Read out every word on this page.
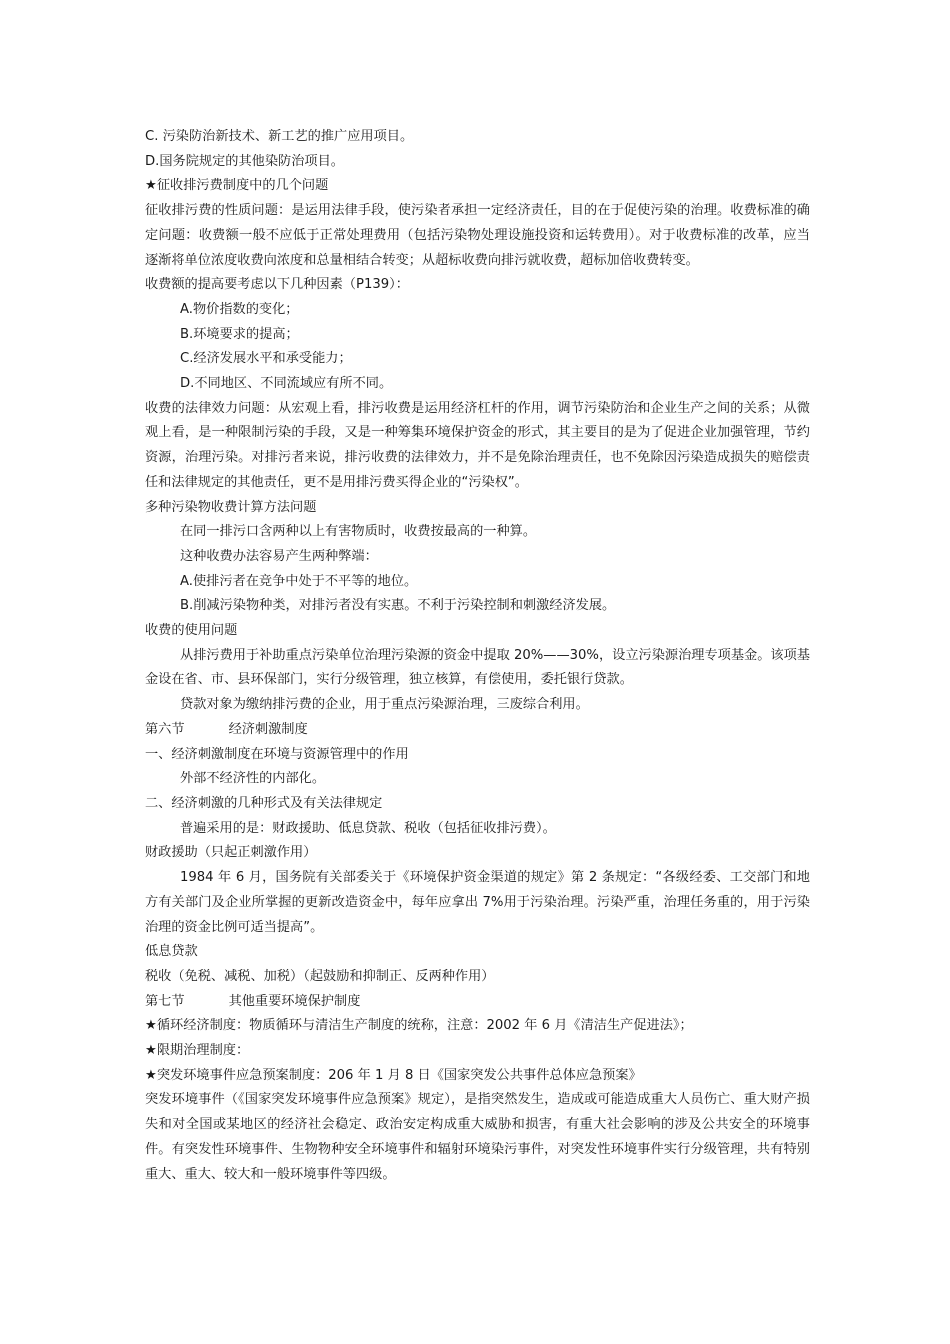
C. 污染防治新技术、新工艺的推广应用项目。

D.国务院规定的其他染防治项目。

★征收排污费制度中的几个问题

征收排污费的性质问题：是运用法律手段，使污染者承担一定经济责任，目的在于促使污染的治理。收费标准的确定问题：收费额一般不应低于正常处理费用（包括污染物处理设施投资和运转费用）。对于收费标准的改革，应当逐渐将单位浓度收费向浓度和总量相结合转变；从超标收费向排污就收费，超标加倍收费转变。

收费额的提高要考虑以下几种因素（P139）：

A.物价指数的变化；

B.环境要求的提高；

C.经济发展水平和承受能力；

D.不同地区、不同流域应有所不同。

收费的法律效力问题：从宏观上看，排污收费是运用经济杠杆的作用，调节污染防治和企业生产之间的关系；从微观上看，是一种限制污染的手段，又是一种筹集环境保护资金的形式，其主要目的是为了促进企业加强管理，节约资源，治理污染。对排污者来说，排污收费的法律效力，并不是免除治理责任，也不免除因污染造成损失的赔偿责任和法律规定的其他责任，更不是用排污费买得企业的“污染权”。

多种污染物收费计算方法问题

在同一排污口含两种以上有害物质时，收费按最高的一种算。

这种收费办法容易产生两种弊端：

A.使排污者在竞争中处于不平等的地位。

B.削减污染物种类，对排污者没有实惠。不利于污染控制和刺激经济发展。

收费的使用问题

从排污费用于补助重点污染单位治理污染源的资金中提取 20%——30%，设立污染源治理专项基金。该项基金设在省、市、县环保部门，实行分级管理，独立核算，有偿使用，委托银行贷款。

贷款对象为缴纳排污费的企业，用于重点污染源治理，三废综合利用。

第六节	经济刺激制度

一、经济刺激制度在环境与资源管理中的作用

外部不经济性的内部化。

二、经济刺激的几种形式及有关法律规定

普遍采用的是：财政援助、低息贷款、税收（包括征收排污费）。

财政援助（只起正刺激作用）

1984 年 6 月，国务院有关部委关于《环境保护资金渠道的规定》第 2 条规定：“各级经委、工交部门和地方有关部门及企业所掌握的更新改造资金中，每年应拿出 7%用于污染治理。污染严重，治理任务重的，用于污染治理的资金比例可适当提高”。

低息贷款

税收（免税、减税、加税）（起鼓励和抑制正、反两种作用）

第七节	其他重要环境保护制度

★循环经济制度：物质循环与清洁生产制度的统称，注意：2002 年 6 月《清洁生产促进法》；

★限期治理制度：

★突发环境事件应急预案制度：206 年 1 月 8 日《国家突发公共事件总体应急预案》

突发环境事件（《国家突发环境事件应急预案》规定），是指突然发生，造成或可能造成重大人员伤亡、重大财产损失和对全国或某地区的经济社会稳定、政治安定构成重大威胁和损害，有重大社会影响的涉及公共安全的环境事件。有突发性环境事件、生物物种安全环境事件和辐射环境染污事件，对突发性环境事件实行分级管理，共有特别重大、重大、较大和一般环境事件等四级。
